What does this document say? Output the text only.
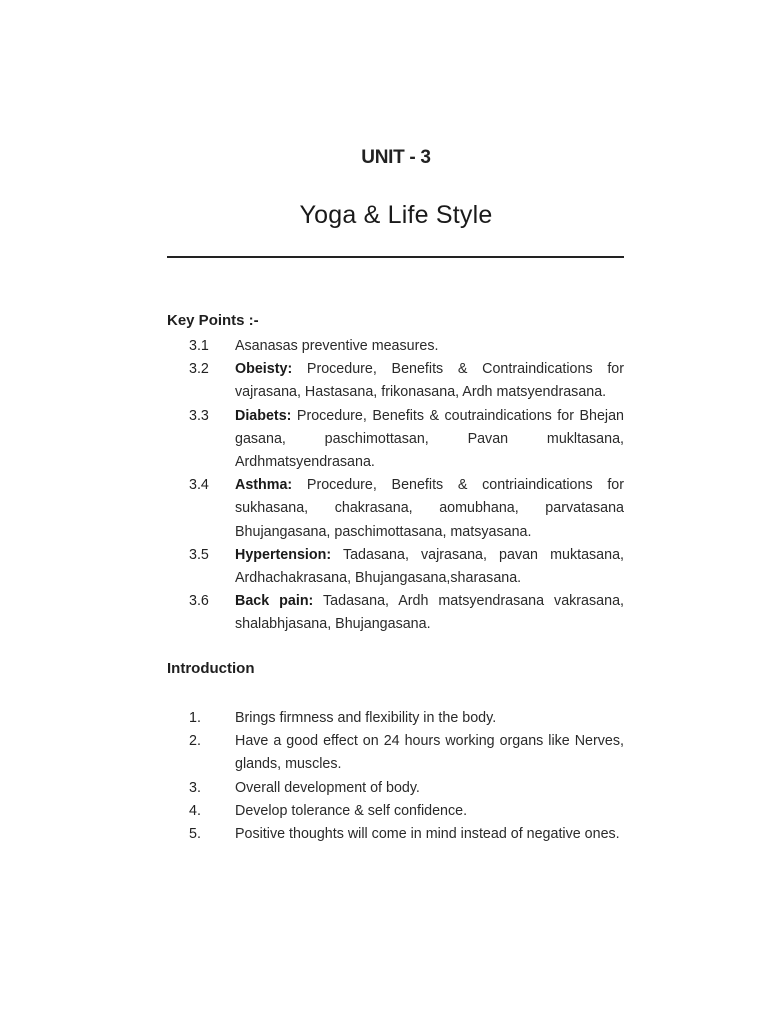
UNIT - 3
Yoga & Life Style
Key Points :-
3.1	Asanasas preventive measures.
3.2	Obeisty: Procedure, Benefits & Contraindications for vajrasana, Hastasana, frikonasana, Ardh matsyendrasana.
3.3	Diabets: Procedure, Benefits & coutraindications for Bhejan gasana, paschimottasan, Pavan mukltasana, Ardhmatsyendrasana.
3.4	Asthma: Procedure, Benefits & contriaindications for sukhasana, chakrasana, aomubhana, parvatasana Bhujangasana, paschimottasana, matsyasana.
3.5	Hypertension: Tadasana, vajrasana, pavan muktasana, Ardhachakrasana, Bhujangasana,sharasana.
3.6	Back pain: Tadasana, Ardh matsyendrasana vakrasana, shalabhjasana, Bhujangasana.
Introduction
1.	Brings firmness and flexibility in the body.
2.	Have a good effect on 24 hours working organs like Nerves, glands, muscles.
3.	Overall development of body.
4.	Develop tolerance & self confidence.
5.	Positive thoughts will come in mind instead of negative ones.
